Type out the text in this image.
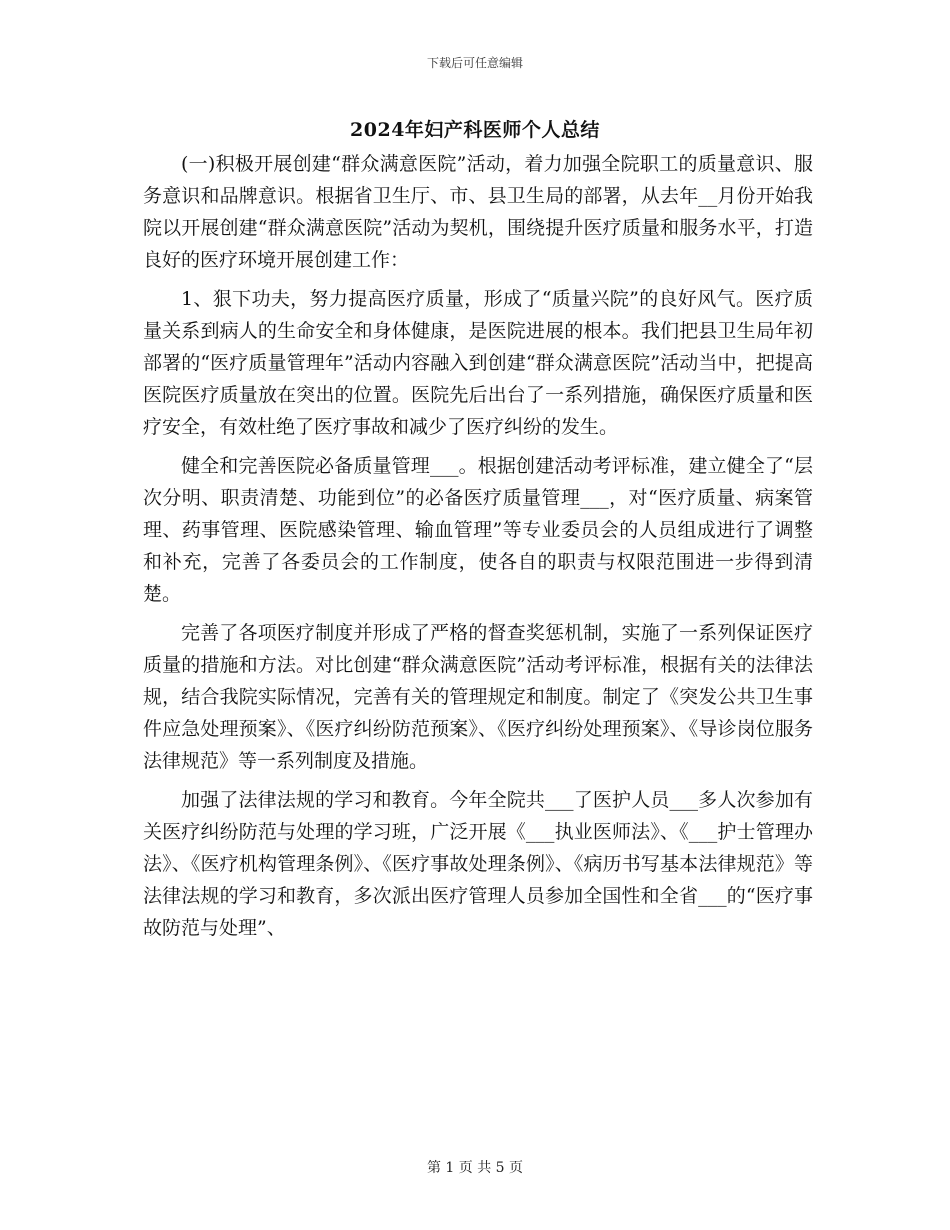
下载后可任意编辑
2024年妇产科医师个人总结

(一)积极开展创建“群众满意医院”活动，着力加强全院职工的质量意识、服务意识和品牌意识。根据省卫生厅、市、县卫生局的部署，从去年__月份开始我院以开展创建“群众满意医院”活动为契机，围绕提升医疗质量和服务水平，打造良好的医疗环境开展创建工作：

1、狠下功夫，努力提高医疗质量，形成了“质量兴院”的良好风气。医疗质量关系到病人的生命安全和身体健康，是医院进展的根本。我们把县卫生局年初部署的“医疗质量管理年”活动内容融入到创建“群众满意医院”活动当中，把提高医院医疗质量放在突出的位置。医院先后出台了一系列措施，确保医疗质量和医疗安全，有效杜绝了医疗事故和减少了医疗纠纷的发生。

健全和完善医院必备质量管理___。根据创建活动考评标准，建立健全了“层次分明、职责清楚、功能到位”的必备医疗质量管理___，对“医疗质量、病案管理、药事管理、医院感染管理、输血管理”等专业委员会的人员组成进行了调整和补充，完善了各委员会的工作制度，使各自的职责与权限范围进一步得到清楚。

完善了各项医疗制度并形成了严格的督查奖惩机制，实施了一系列保证医疗质量的措施和方法。对比创建“群众满意医院”活动考评标准，根据有关的法律法规，结合我院实际情况，完善有关的管理规定和制度。制定了《突发公共卫生事件应急处理预案》、《医疗纠纷防范预案》、《医疗纠纷处理预案》、《导诊岗位服务法律规范》等一系列制度及措施。

加强了法律法规的学习和教育。今年全院共___了医护人员___多人次参加有关医疗纠纷防范与处理的学习班，广泛开展《___执业医师法》、《___护士管理办法》、《医疗机构管理条例》、《医疗事故处理条例》、《病历书写基本法律规范》等法律法规的学习和教育，多次派出医疗管理人员参加全国性和全省___的“医疗事故防范与处理”、

第 1 页 共 5 页
